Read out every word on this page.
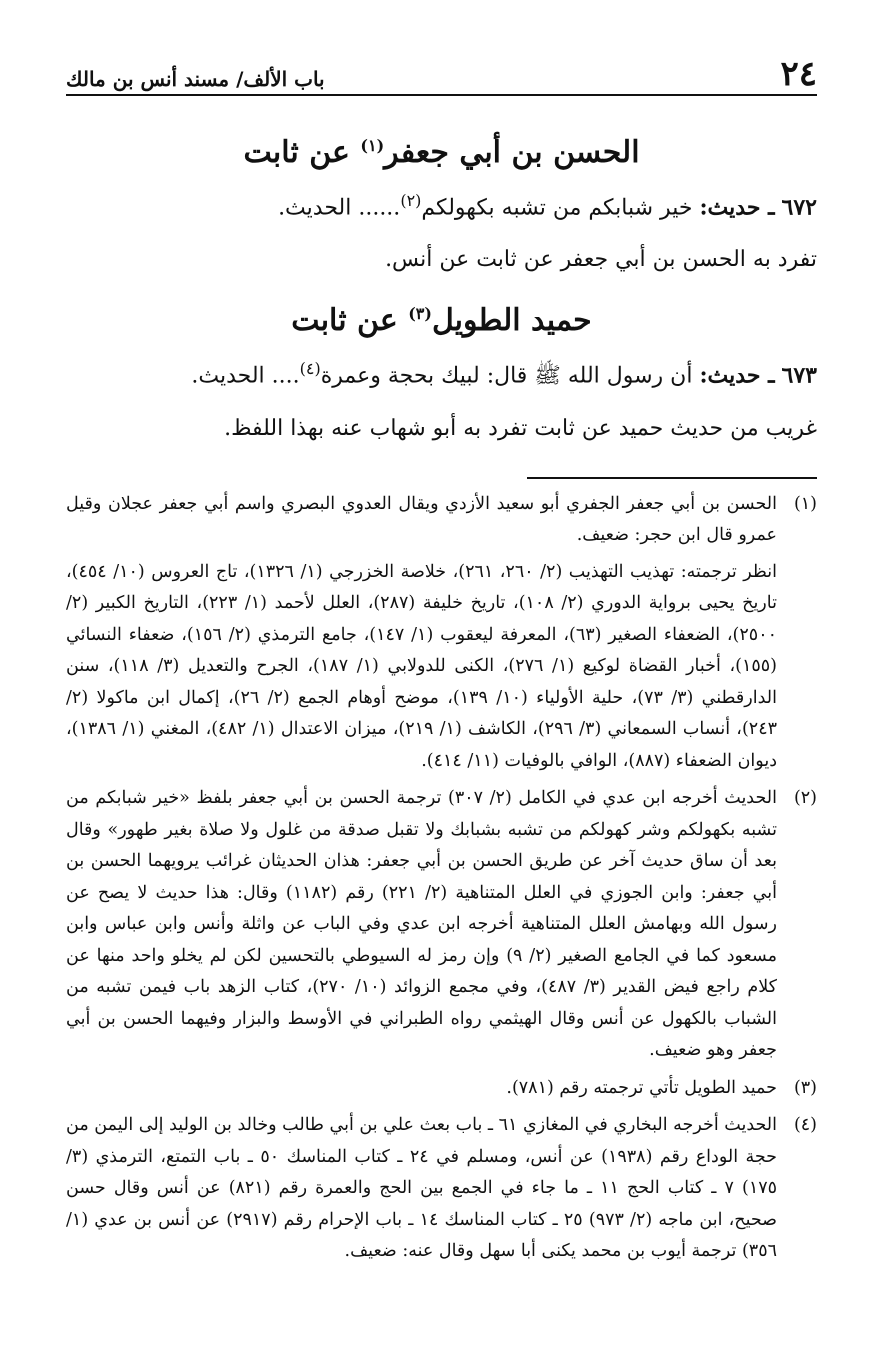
٢٤
باب الألف/ مسند أنس بن مالك
الحسن بن أبي جعفر$^{(١)}$ عن ثابت

٦٧٢ ـ حديث: خير شبابكم من تشبه بكهولكم$^{(٢)}$...... الحديث.

تفرد به الحسن بن أبي جعفر عن ثابت عن أنس.

حميد الطويل$^{(٣)}$ عن ثابت

٦٧٣ ـ حديث: أن رسول الله ﷺ قال: لبيك بحجة وعمرة$^{(٤)}$.... الحديث.

غريب من حديث حميد عن ثابت تفرد به أبو شهاب عنه بهذا اللفظ.

(١)

الحسن بن أبي جعفر الجفري أبو سعيد الأزدي ويقال العدوي البصري واسم أبي جعفر عجلان وقيل عمرو قال ابن حجر: ضعيف.

انظر ترجمته: تهذيب التهذيب (٢/ ٢٦٠، ٢٦١)، خلاصة الخزرجي (١/ ١٣٢٦)، تاج العروس (١٠/ ٤٥٤)، تاريخ يحيى برواية الدوري (٢/ ١٠٨)، تاريخ خليفة (٢٨٧)، العلل لأحمد (١/ ٢٢٣)، التاريخ الكبير (٢/ ٢٥٠٠)، الضعفاء الصغير (٦٣)، المعرفة ليعقوب (١/ ١٤٧)، جامع الترمذي (٢/ ١٥٦)، ضعفاء النسائي (١٥٥)، أخبار القضاة لوكيع (١/ ٢٧٦)، الكنى للدولابي (١/ ١٨٧)، الجرح والتعديل (٣/ ١١٨)، سنن الدارقطني (٣/ ٧٣)، حلية الأولياء (١٠/ ١٣٩)، موضح أوهام الجمع (٢/ ٢٦)، إكمال ابن ماكولا (٢/ ٢٤٣)، أنساب السمعاني (٣/ ٢٩٦)، الكاشف (١/ ٢١٩)، ميزان الاعتدال (١/ ٤٨٢)، المغني (١/ ١٣٨٦)، ديوان الضعفاء (٨٨٧)، الوافي بالوفيات (١١/ ٤١٤).

(٢)

الحديث أخرجه ابن عدي في الكامل (٢/ ٣٠٧) ترجمة الحسن بن أبي جعفر بلفظ «خير شبابكم من تشبه بكهولكم وشر كهولكم من تشبه بشبابك ولا تقبل صدقة من غلول ولا صلاة بغير طهور» وقال بعد أن ساق حديث آخر عن طريق الحسن بن أبي جعفر: هذان الحديثان غرائب يرويهما الحسن بن أبي جعفر: وابن الجوزي في العلل المتناهية (٢/ ٢٢١) رقم (١١٨٢) وقال: هذا حديث لا يصح عن رسول الله وبهامش العلل المتناهية أخرجه ابن عدي وفي الباب عن واثلة وأنس وابن عباس وابن مسعود كما في الجامع الصغير (٢/ ٩) وإن رمز له السيوطي بالتحسين لكن لم يخلو واحد منها عن كلام راجع فيض القدير (٣/ ٤٨٧)، وفي مجمع الزوائد (١٠/ ٢٧٠)، كتاب الزهد باب فيمن تشبه من الشباب بالكهول عن أنس وقال الهيثمي رواه الطبراني في الأوسط والبزار وفيهما الحسن بن أبي جعفر وهو ضعيف.

(٣)

حميد الطويل تأتي ترجمته رقم (٧٨١).

(٤)

الحديث أخرجه البخاري في المغازي ٦١ ـ باب بعث علي بن أبي طالب وخالد بن الوليد إلى اليمن من حجة الوداع رقم (١٩٣٨) عن أنس، ومسلم في ٢٤ ـ كتاب المناسك ٥٠ ـ باب التمتع، الترمذي (٣/ ١٧٥) ٧ ـ كتاب الحج ١١ ـ ما جاء في الجمع بين الحج والعمرة رقم (٨٢١) عن أنس وقال حسن صحيح، ابن ماجه (٢/ ٩٧٣) ٢٥ ـ كتاب المناسك ١٤ ـ باب الإحرام رقم (٢٩١٧) عن أنس بن عدي (١/ ٣٥٦) ترجمة أيوب بن محمد يكنى أبا سهل وقال عنه: ضعيف.
